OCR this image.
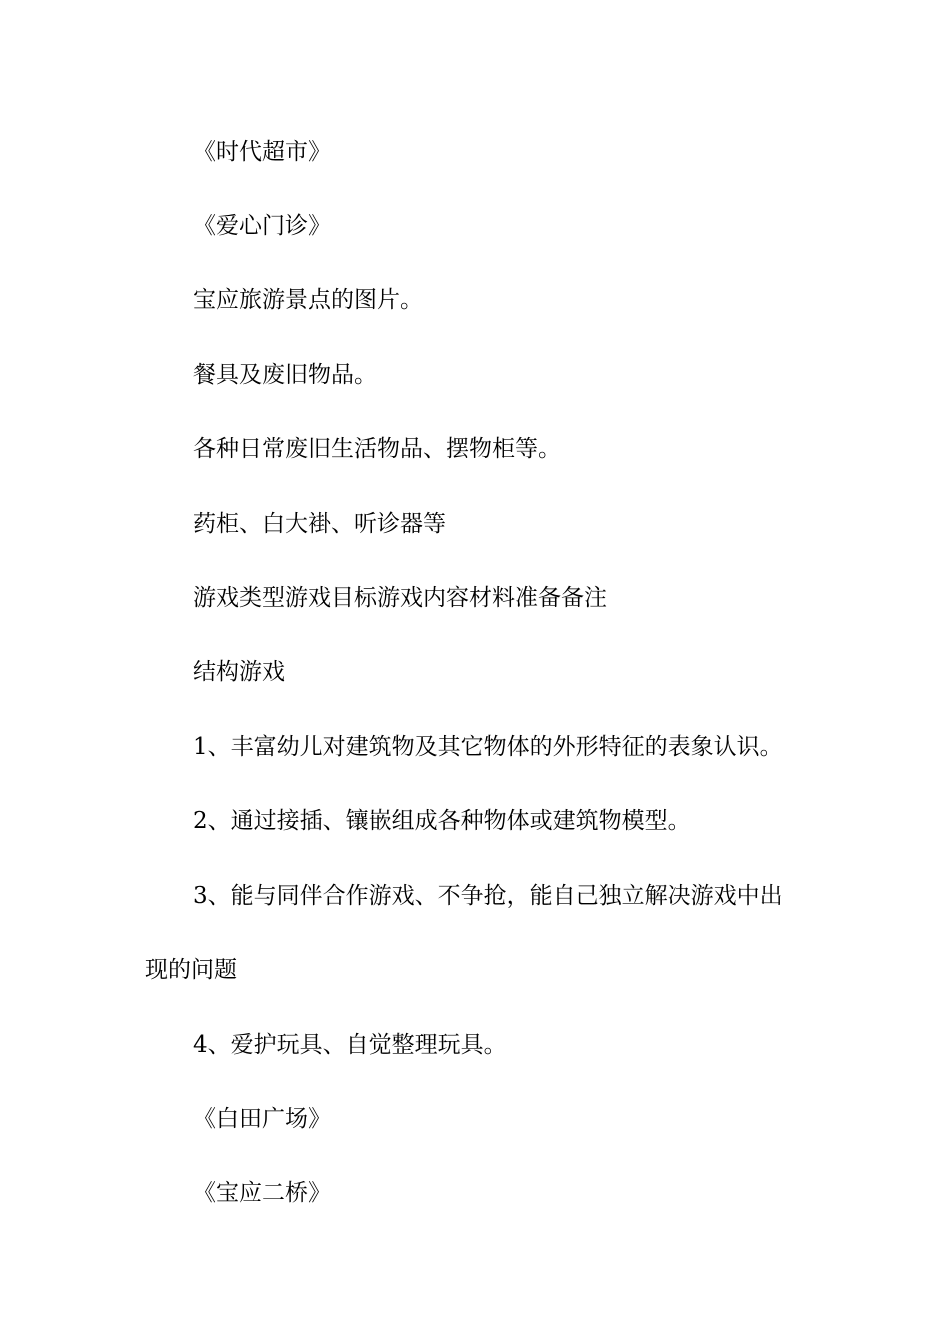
《时代超市》

《爱心门诊》

宝应旅游景点的图片。

餐具及废旧物品。

各种日常废旧生活物品、摆物柜等。

药柜、白大褂、听诊器等

游戏类型游戏目标游戏内容材料准备备注

结构游戏

1、丰富幼儿对建筑物及其它物体的外形特征的表象认识。

2、通过接插、镶嵌组成各种物体或建筑物模型。

3、能与同伴合作游戏、不争抢，能自己独立解决游戏中出

现的问题

4、爱护玩具、自觉整理玩具。

《白田广场》

《宝应二桥》
